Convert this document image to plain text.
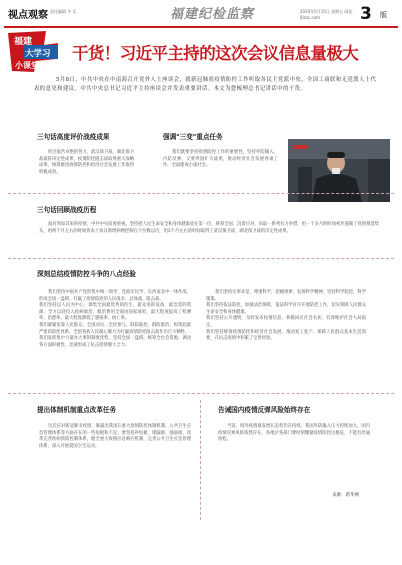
视点观察 责任编辑 牛 乐	福建纪检监察	2020年5月15日 星期五 网址：fjlzxc.com	3 版
福建
大学习
小课堂
干货！习近平主持的这次会议信息量极大
5月8日，中共中央在中南海召开党外人士座谈会，就新冠肺炎疫情防控工作听取各民主党派中央、全国工商联和无党派人士代表的意见和建议。中共中央总书记习近平主持座谈会并发表重要讲话。本文为您梳理总书记讲话中的干货。
三句话高度评价战疫成果
经过艰苦卓绝的努力，武汉保卫战、湖北保卫战取得决定性成果，疫情防控阻击战取得重大战略成果，统筹推进疫情防控和经济社会发展工作取得积极成效。
强调"三变"重点任务
我们既要坚持疫情防控工作的重要性，坚持外防输入、内防反弹，又要巩固扩大战果，推动经济社会发展各项工作，全面建成小康社会。
三句话回顾战疫历程
面对突如其来的疫情，中共中央高度重视，坚持把人民生命安全和身体健康放在第一位，统筹全国、沉着应对，采取一系列有力举措，用一个多月的时间初步遏制了疫情蔓延势头，用两个月左右的时间将本土每日新增病例控制在个位数以内，用3个月左右的时间取得了武汉保卫战、湖北保卫战的决定性成果。
深刻总结疫情防控斗争的八点经验
我们坚持中国共产党的集中统一领导，党政军民学、东西南北中一体作战，形成全国一盘棋、打赢了疫情防控的人民战争、总体战、阻击战。
我们坚持以人民为中心，调集全国最优秀的医生、最先进的设备、最急需的资源，全力以赴投入疫病救治，救治费用全部由国家承担，最大程度提高了检测率、治愈率，最大程度降低了感染率、病亡率。
我们紧紧依靠人民群众，全国动员、全民参与，联防联控、群防群治，构筑起最严密的防控体系，全国各族人民凝心聚力为打赢疫情防控阻击战作出巨大牺牲。
我们发挥集中力量办大事的制度优势，坚持全国一盘棋，统筹全社会资源，调动各方面积极性，迅速形成了抗击疫情强大合力。
我们坚持实事求是、尊重科学，把握规律，发扬科学精神，坚持科学防控，科学施策。
我们坚持依法防控，加强法治保障，依法科学有序开展防控工作，切实保障人民群众生命安全和身体健康。
我们坚持公开透明、及时发布疫情信息，积极回应社会关切，有效维护社会大局稳定。
我们坚持统筹疫情防控和经济社会发展，推动复工复产，保障人民群众基本生活需要，在抗击疫情中积累了宝贵经验。
提出体制机制重点改革任务
这次应对新冠肺炎疫情，暴露出我国在重大疫情防控体制机制、公共卫生应急管理体系等方面存在的一些短板和不足。要坚持补短板、堵漏洞、强弱项，改革完善疾病预防控制体系，健全重大疫情应急响应机制，完善公共卫生应急管理体系，深入开展爱国卫生运动。
告诫国内疫情反弹风险始终存在
当前，境外疫情暴发增长态势仍在持续，我国外防输入压力持续加大，国内疫情反弹风险依然存在，各地区各部门要时刻绷紧疫情防控这根弦，不能有丝毫放松。
来源：新华网
